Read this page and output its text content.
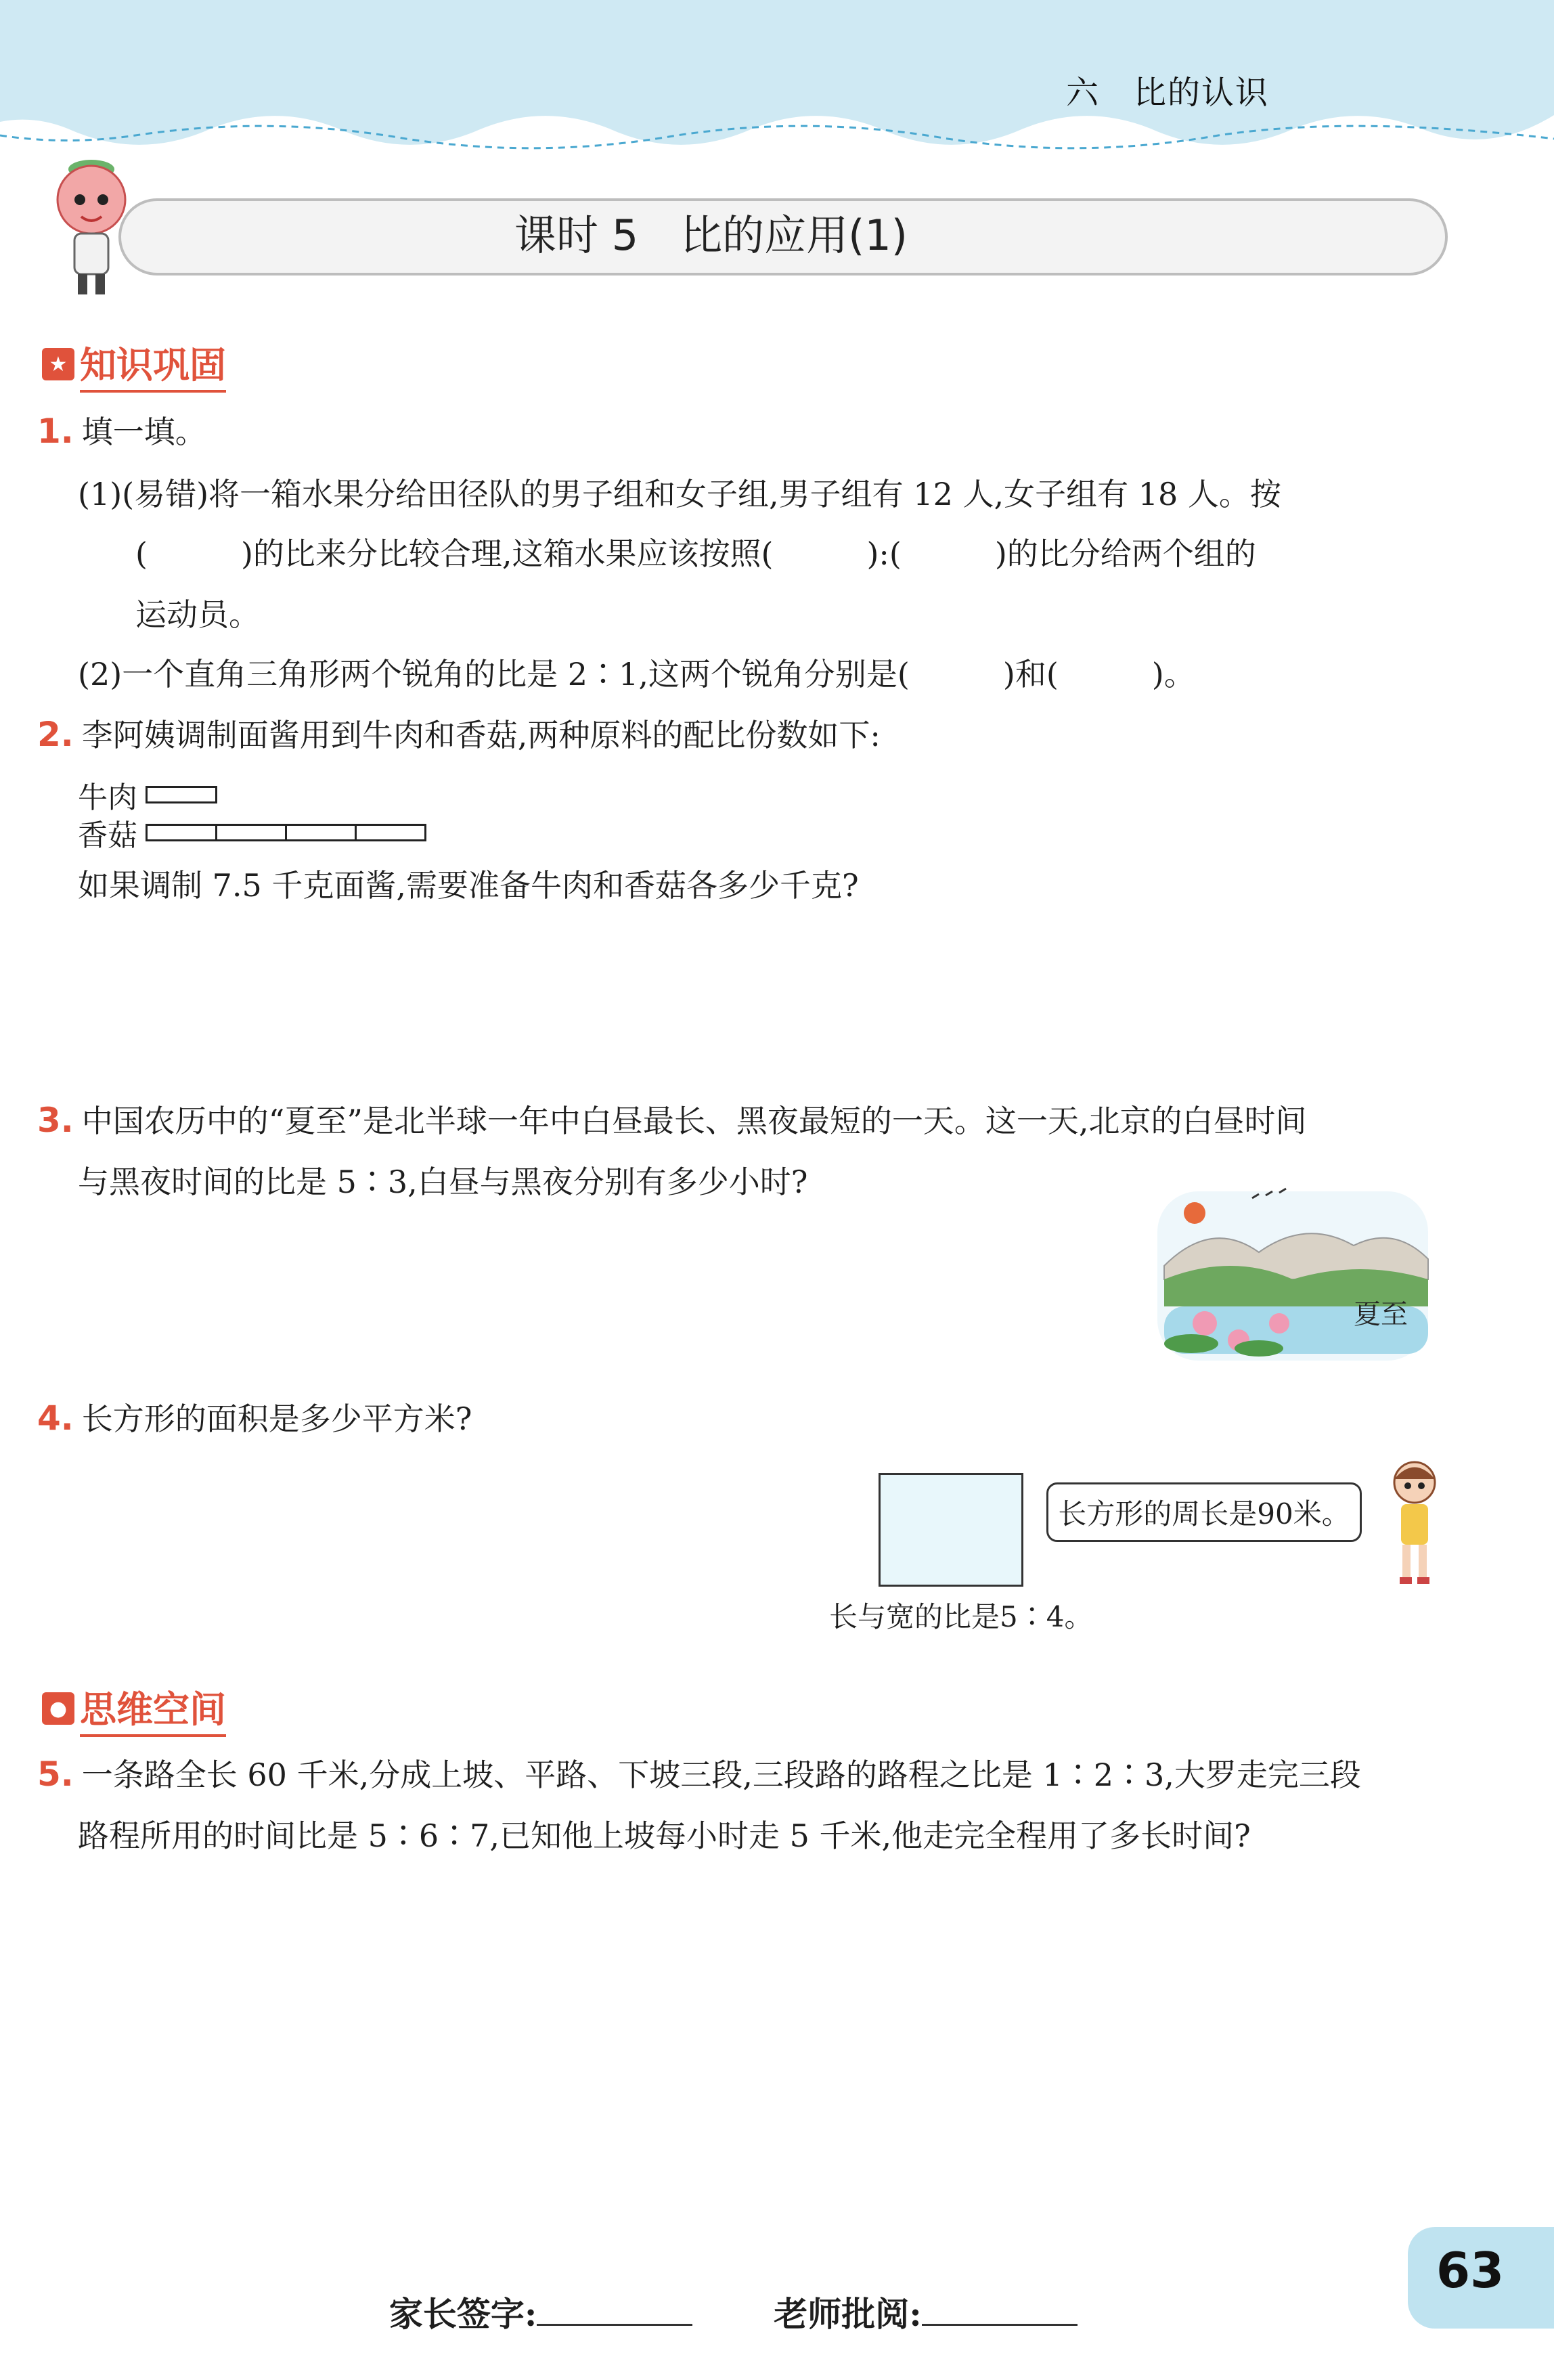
六　比的认识
课时 5　比的应用(1)
★ 知识巩固
1. 填一填。
(1)(易错)将一箱水果分给田径队的男子组和女子组,男子组有 12 人,女子组有 18 人。按
(　　　)的比来分比较合理,这箱水果应该按照(　　　):(　　　)的比分给两个组的
运动员。
(2)一个直角三角形两个锐角的比是 2∶1,这两个锐角分别是(　　　)和(　　　)。
2. 李阿姨调制面酱用到牛肉和香菇,两种原料的配比份数如下:
牛肉
香菇
如果调制 7.5 千克面酱,需要准备牛肉和香菇各多少千克?
3. 中国农历中的“夏至”是北半球一年中白昼最长、黑夜最短的一天。这一天,北京的白昼时间
与黑夜时间的比是 5∶3,白昼与黑夜分别有多少小时?
夏至
4. 长方形的面积是多少平方米?
长方形的周长是90米。
长与宽的比是5∶4。
● 思维空间
5. 一条路全长 60 千米,分成上坡、平路、下坡三段,三段路的路程之比是 1∶2∶3,大罗走完三段
路程所用的时间比是 5∶6∶7,已知他上坡每小时走 5 千米,他走完全程用了多长时间?

家长签字:	老师批阅:

63
